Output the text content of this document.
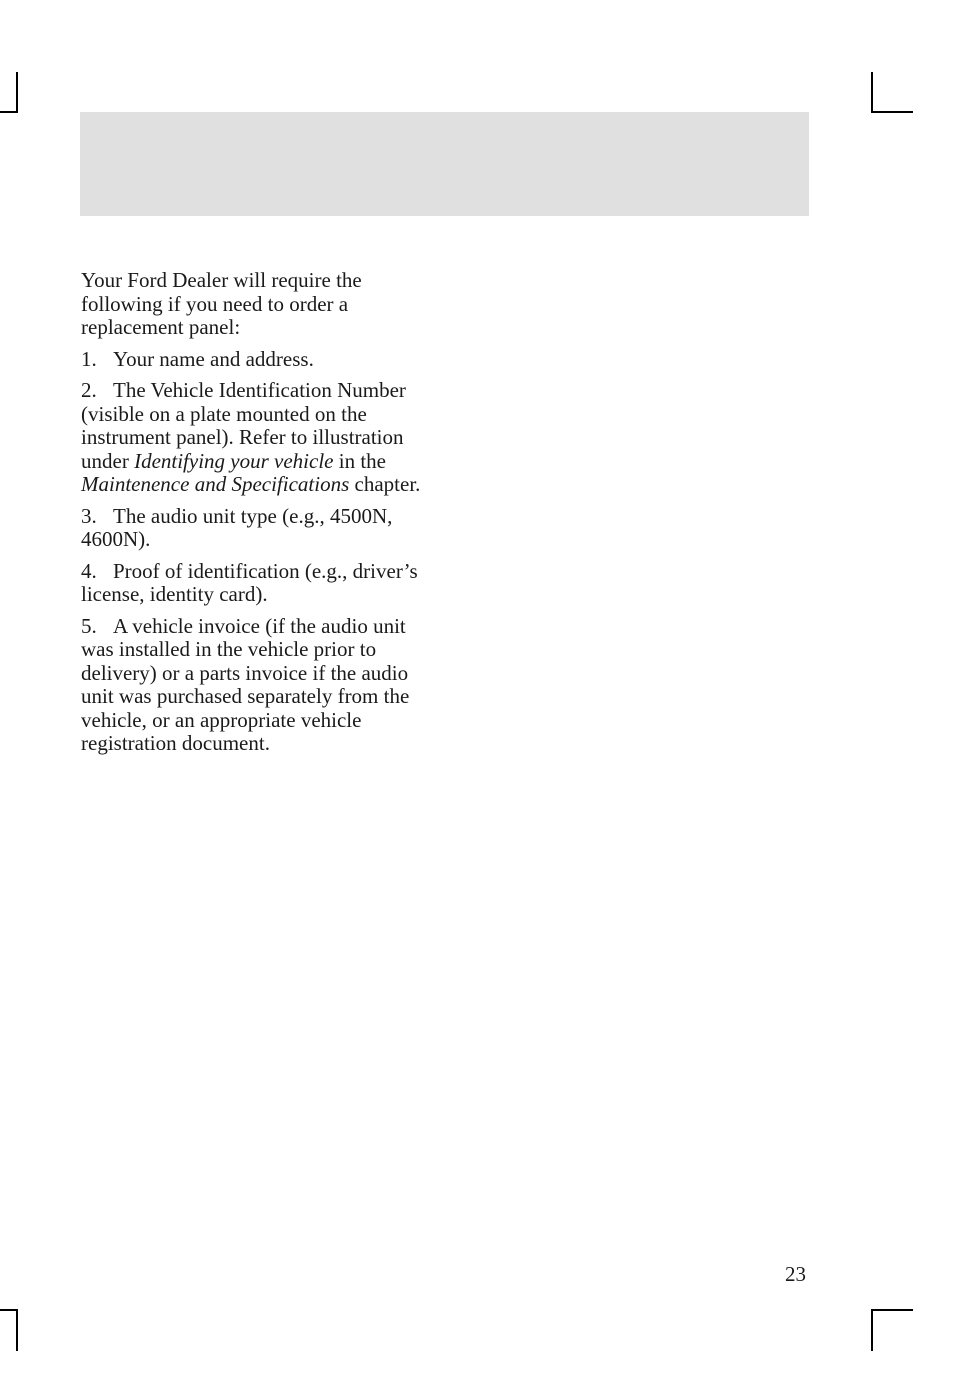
Your Ford Dealer will require the following if you need to order a replacement panel:

1. Your name and address.

2. The Vehicle Identification Number (visible on a plate mounted on the instrument panel). Refer to illustration under Identifying your vehicle in the Maintenence and Specifications chapter.

3. The audio unit type (e.g., 4500N, 4600N).

4. Proof of identification (e.g., driver’s license, identity card).

5. A vehicle invoice (if the audio unit was installed in the vehicle prior to delivery) or a parts invoice if the audio unit was purchased separately from the vehicle, or an appropriate vehicle registration document.

23
